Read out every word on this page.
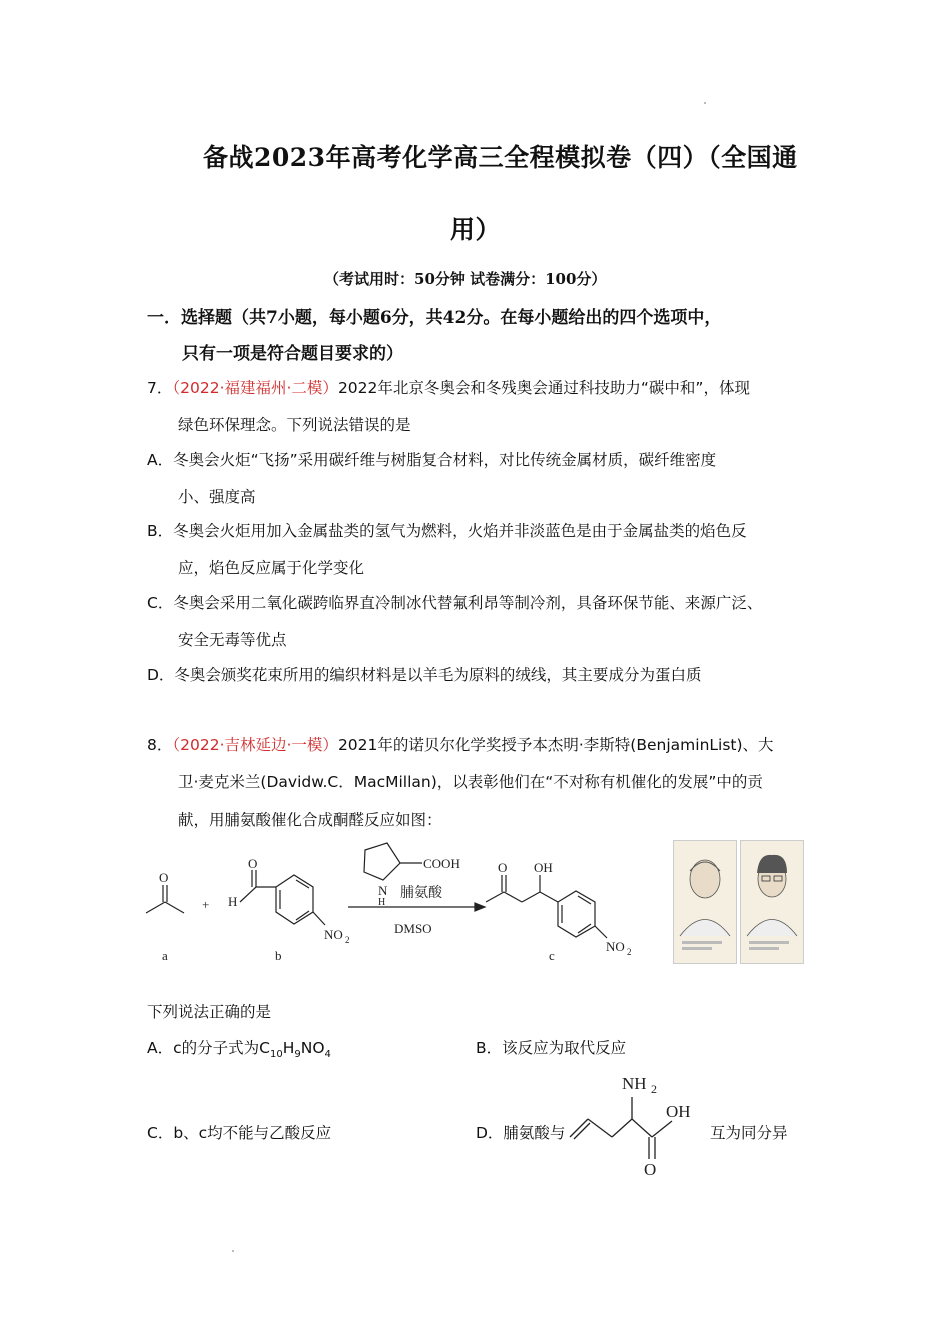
备战2023年高考化学高三全程模拟卷（四）（全国通
用）
（考试用时：50分钟 试卷满分：100分）
一．选择题（共7小题，每小题6分，共42分。在每小题给出的四个选项中，
只有一项是符合题目要求的）
7．（2022·福建福州·二模）2022年北京冬奥会和冬残奥会通过科技助力“碳中和”，体现
绿色环保理念。下列说法错误的是
A．冬奥会火炬“飞扬”采用碳纤维与树脂复合材料，对比传统金属材质，碳纤维密度
小、强度高
B．冬奥会火炬用加入金属盐类的氢气为燃料，火焰并非淡蓝色是由于金属盐类的焰色反
应，焰色反应属于化学变化
C．冬奥会采用二氧化碳跨临界直冷制冰代替氟利昂等制冷剂，具备环保节能、来源广泛、
安全无毒等优点
D．冬奥会颁奖花束所用的编织材料是以羊毛为原料的绒线，其主要成分为蛋白质
8．（2022·吉林延边·一模）2021年的诺贝尔化学奖授予本杰明·李斯特(BenjaminList)、大
卫·麦克米兰(Davidw.C．MacMillan)，以表彰他们在“不对称有机催化的发展”中的贡
献，用脯氨酸催化合成酮醛反应如图：
O
a
+
O
H
NO 2
b
N
H
COOH
脯氨酸
DMSO
O OH
NO 2
c
下列说法正确的是
A．c的分子式为$C_{10}H_9NO_4$	B．该反应为取代反应
C．b、c均不能与乙酸反应	D．脯氨酸与
NH 2
OH
O
互为同分异
